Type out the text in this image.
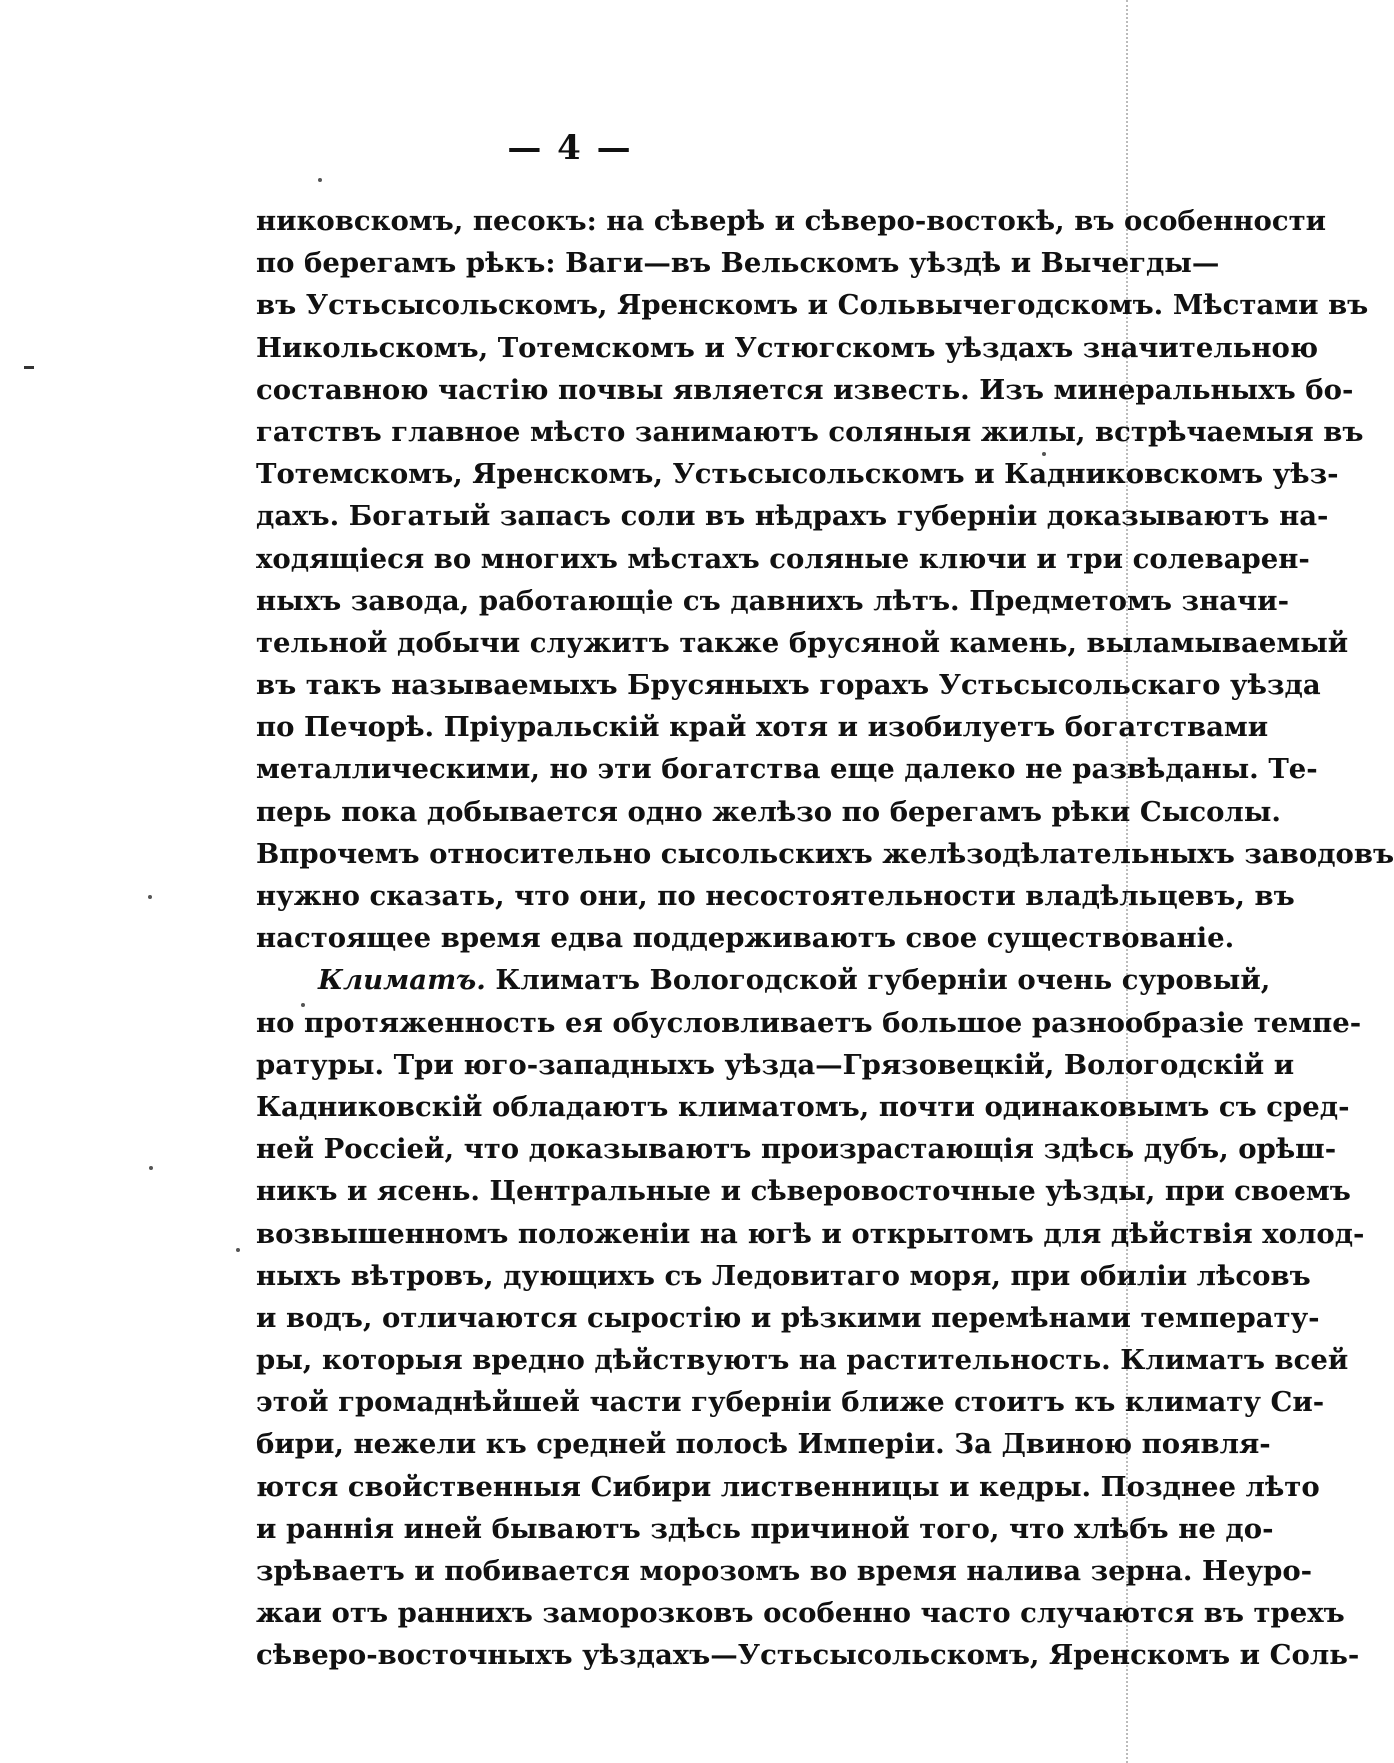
— 4 —
никовскомъ, песокъ: на сѣверѣ и сѣверо-востокѣ, въ особенности
по берегамъ рѣкъ: Ваги—въ Вельскомъ уѣздѣ и Вычегды—
въ Устьсысольскомъ, Яренскомъ и Сольвычегодскомъ. Мѣстами въ
Никольскомъ, Тотемскомъ и Устюгскомъ уѣздахъ значительною
составною частію почвы является известь. Изъ минеральныхъ бо-
гатствъ главное мѣсто занимаютъ соляныя жилы, встрѣчаемыя въ
Тотемскомъ, Яренскомъ, Устьсысольскомъ и Кадниковскомъ уѣз-
дахъ. Богатый запасъ соли въ нѣдрахъ губерніи доказываютъ на-
ходящіеся во многихъ мѣстахъ соляные ключи и три солеварен-
ныхъ завода, работающіе съ давнихъ лѣтъ. Предметомъ значи-
тельной добычи служитъ также брусяной камень, выламываемый
въ такъ называемыхъ Брусяныхъ горахъ Устьсысольскаго уѣзда
по Печорѣ. Пріуральскій край хотя и изобилуетъ богатствами
металлическими, но эти богатства еще далеко не развѣданы. Те-
перь пока добывается одно желѣзо по берегамъ рѣки Сысолы.
Впрочемъ относительно сысольскихъ желѣзодѣлательныхъ заводовъ
нужно сказать, что они, по несостоятельности владѣльцевъ, въ
настоящее время едва поддерживаютъ свое существованіе.
Климатъ. Климатъ Вологодской губерніи очень суровый,
но протяженность ея обусловливаетъ большое разнообразіе темпе-
ратуры. Три юго-западныхъ уѣзда—Грязовецкій, Вологодскій и
Кадниковскій обладаютъ климатомъ, почти одинаковымъ съ сред-
ней Россіей, что доказываютъ произрастающія здѣсь дубъ, орѣш-
никъ и ясень. Центральные и сѣверовосточные уѣзды, при своемъ
возвышенномъ положеніи на югѣ и открытомъ для дѣйствія холод-
ныхъ вѣтровъ, дующихъ съ Ледовитаго моря, при обиліи лѣсовъ
и водъ, отличаются сыростію и рѣзкими перемѣнами температу-
ры, которыя вредно дѣйствуютъ на растительность. Климатъ всей
этой громаднѣйшей части губерніи ближе стоитъ къ климату Си-
бири, нежели къ средней полосѣ Имперіи. За Двиною появля-
ются свойственныя Сибири лиственницы и кедры. Позднее лѣто
и раннія иней бываютъ здѣсь причиной того, что хлѣбъ не до-
зрѣваетъ и побивается морозомъ во время налива зерна. Неуро-
жаи отъ раннихъ заморозковъ особенно часто случаются въ трехъ
сѣверо-восточныхъ уѣздахъ—Устьсысольскомъ, Яренскомъ и Соль-
